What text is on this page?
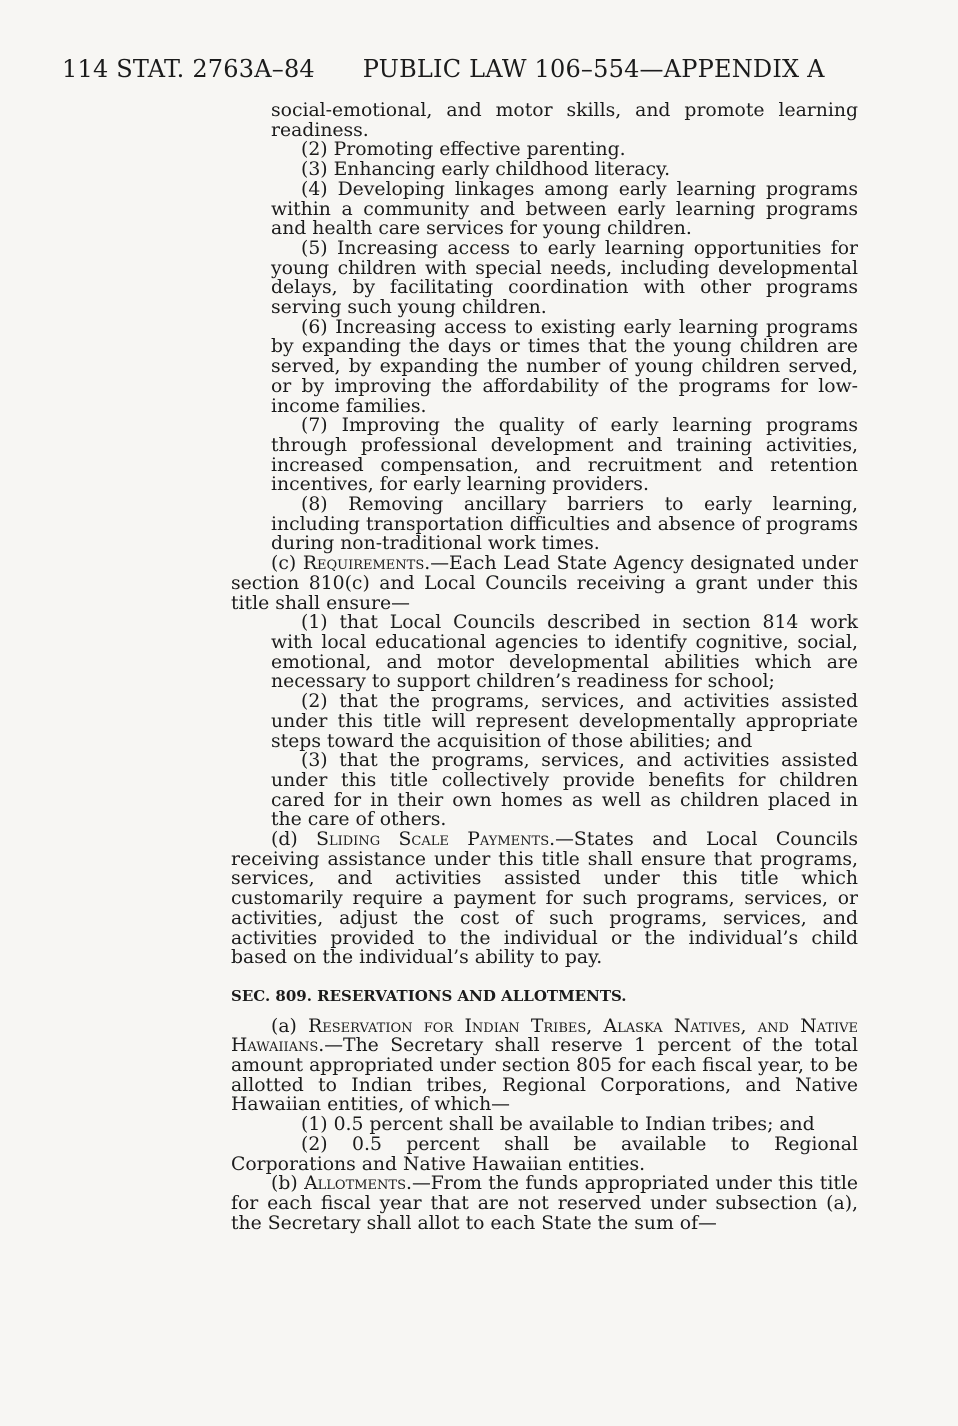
114 STAT. 2763A–84 PUBLIC LAW 106–554—APPENDIX A

social-emotional, and motor skills, and promote learning readiness.

(2) Promoting effective parenting.

(3) Enhancing early childhood literacy.

(4) Developing linkages among early learning programs within a community and between early learning programs and health care services for young children.

(5) Increasing access to early learning opportunities for young children with special needs, including developmental delays, by facilitating coordination with other programs serving such young children.

(6) Increasing access to existing early learning programs by expanding the days or times that the young children are served, by expanding the number of young children served, or by improving the affordability of the programs for low-income families.

(7) Improving the quality of early learning programs through professional development and training activities, increased compensation, and recruitment and retention incentives, for early learning providers.

(8) Removing ancillary barriers to early learning, including transportation difficulties and absence of programs during non-traditional work times.

(c) Requirements.—Each Lead State Agency designated under section 810(c) and Local Councils receiving a grant under this title shall ensure—

(1) that Local Councils described in section 814 work with local educational agencies to identify cognitive, social, emotional, and motor developmental abilities which are necessary to support children’s readiness for school;

(2) that the programs, services, and activities assisted under this title will represent developmentally appropriate steps toward the acquisition of those abilities; and

(3) that the programs, services, and activities assisted under this title collectively provide benefits for children cared for in their own homes as well as children placed in the care of others.

(d) Sliding Scale Payments.—States and Local Councils receiving assistance under this title shall ensure that programs, services, and activities assisted under this title which customarily require a payment for such programs, services, or activities, adjust the cost of such programs, services, and activities provided to the individual or the individual’s child based on the individual’s ability to pay.

SEC. 809. RESERVATIONS AND ALLOTMENTS.

(a) Reservation for Indian Tribes, Alaska Natives, and Native Hawaiians.—The Secretary shall reserve 1 percent of the total amount appropriated under section 805 for each fiscal year, to be allotted to Indian tribes, Regional Corporations, and Native Hawaiian entities, of which—

(1) 0.5 percent shall be available to Indian tribes; and

(2) 0.5 percent shall be available to Regional Corporations and Native Hawaiian entities.

(b) Allotments.—From the funds appropriated under this title for each fiscal year that are not reserved under subsection (a), the Secretary shall allot to each State the sum of—
